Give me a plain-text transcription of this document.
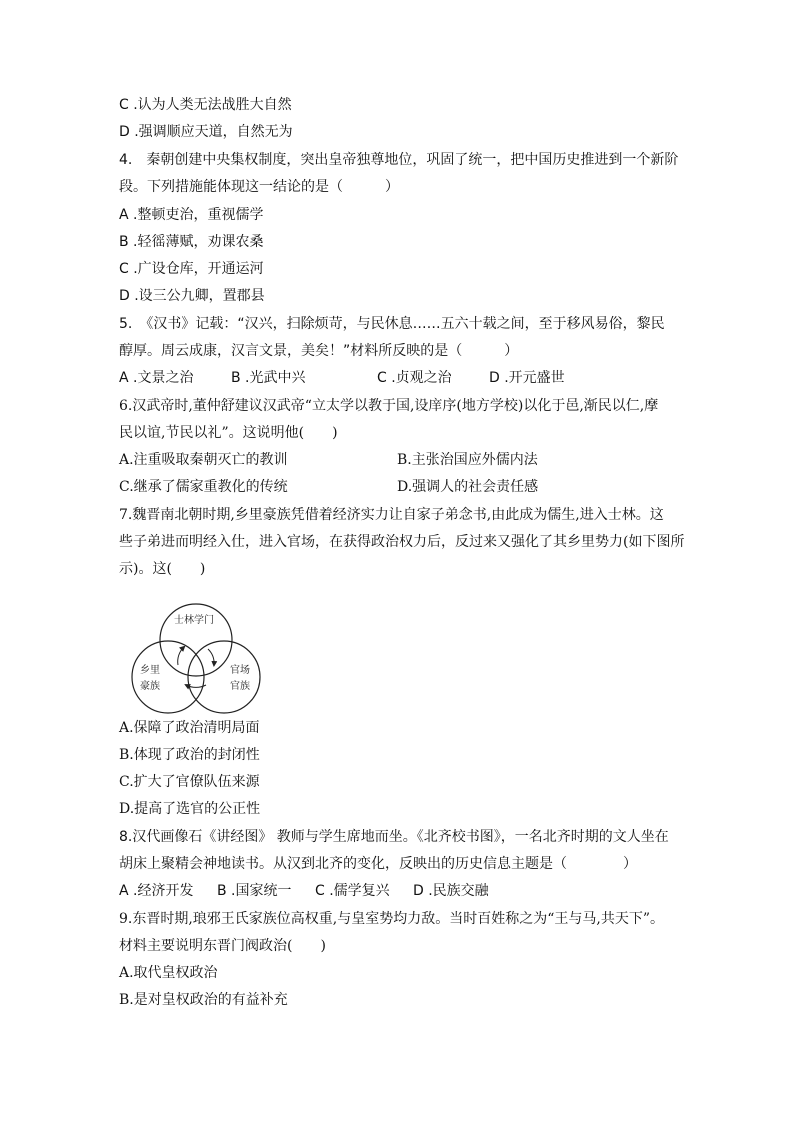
C .认为人类无法战胜大自然
D .强调顺应天道，自然无为
4.　秦朝创建中央集权制度，突出皇帝独尊地位，巩固了统一，把中国历史推进到一个新阶
段。下列措施能体现这一结论的是（　　　）
A .整顿吏治，重视儒学
B .轻徭薄赋，劝课农桑
C .广设仓库，开通运河
D .设三公九卿，置郡县
5.　《汉书》记载：“汉兴，扫除烦苛，与民休息……五六十载之间，至于移风易俗，黎民
醇厚。周云成康，汉言文景，美矣！”材料所反映的是（　　　）
A .文景之治	B .光武中兴	C .贞观之治	D .开元盛世
6.汉武帝时,董仲舒建议汉武帝“立太学以教于国,设庠序(地方学校)以化于邑,渐民以仁,摩
民以谊,节民以礼”。这说明他(　　)
A.注重吸取秦朝灭亡的教训	B.主张治国应外儒内法
C.继承了儒家重教化的传统	D.强调人的社会责任感
7.魏晋南北朝时期,乡里豪族凭借着经济实力让自家子弟念书,由此成为儒生,进入士林。这
些子弟进而明经入仕，进入官场，在获得政治权力后，反过来又强化了其乡里势力(如下图所
示)。这(　　)
士林学门
乡里
豪族
官场
官族
A.保障了政治清明局面
B.体现了政治的封闭性
C.扩大了官僚队伍来源
D.提高了选官的公正性
8.汉代画像石《讲经图》 教师与学生席地而坐。《北齐校书图》，一名北齐时期的文人坐在
胡床上聚精会神地读书。从汉到北齐的变化，反映出的历史信息主题是（　　　　）
A .经济开发 B .国家统一 C .儒学复兴 D .民族交融
9.东晋时期,琅邪王氏家族位高权重,与皇室势均力敌。当时百姓称之为“王与马,共天下”。
材料主要说明东晋门阀政治(　　)
A.取代皇权政治
B.是对皇权政治的有益补充
